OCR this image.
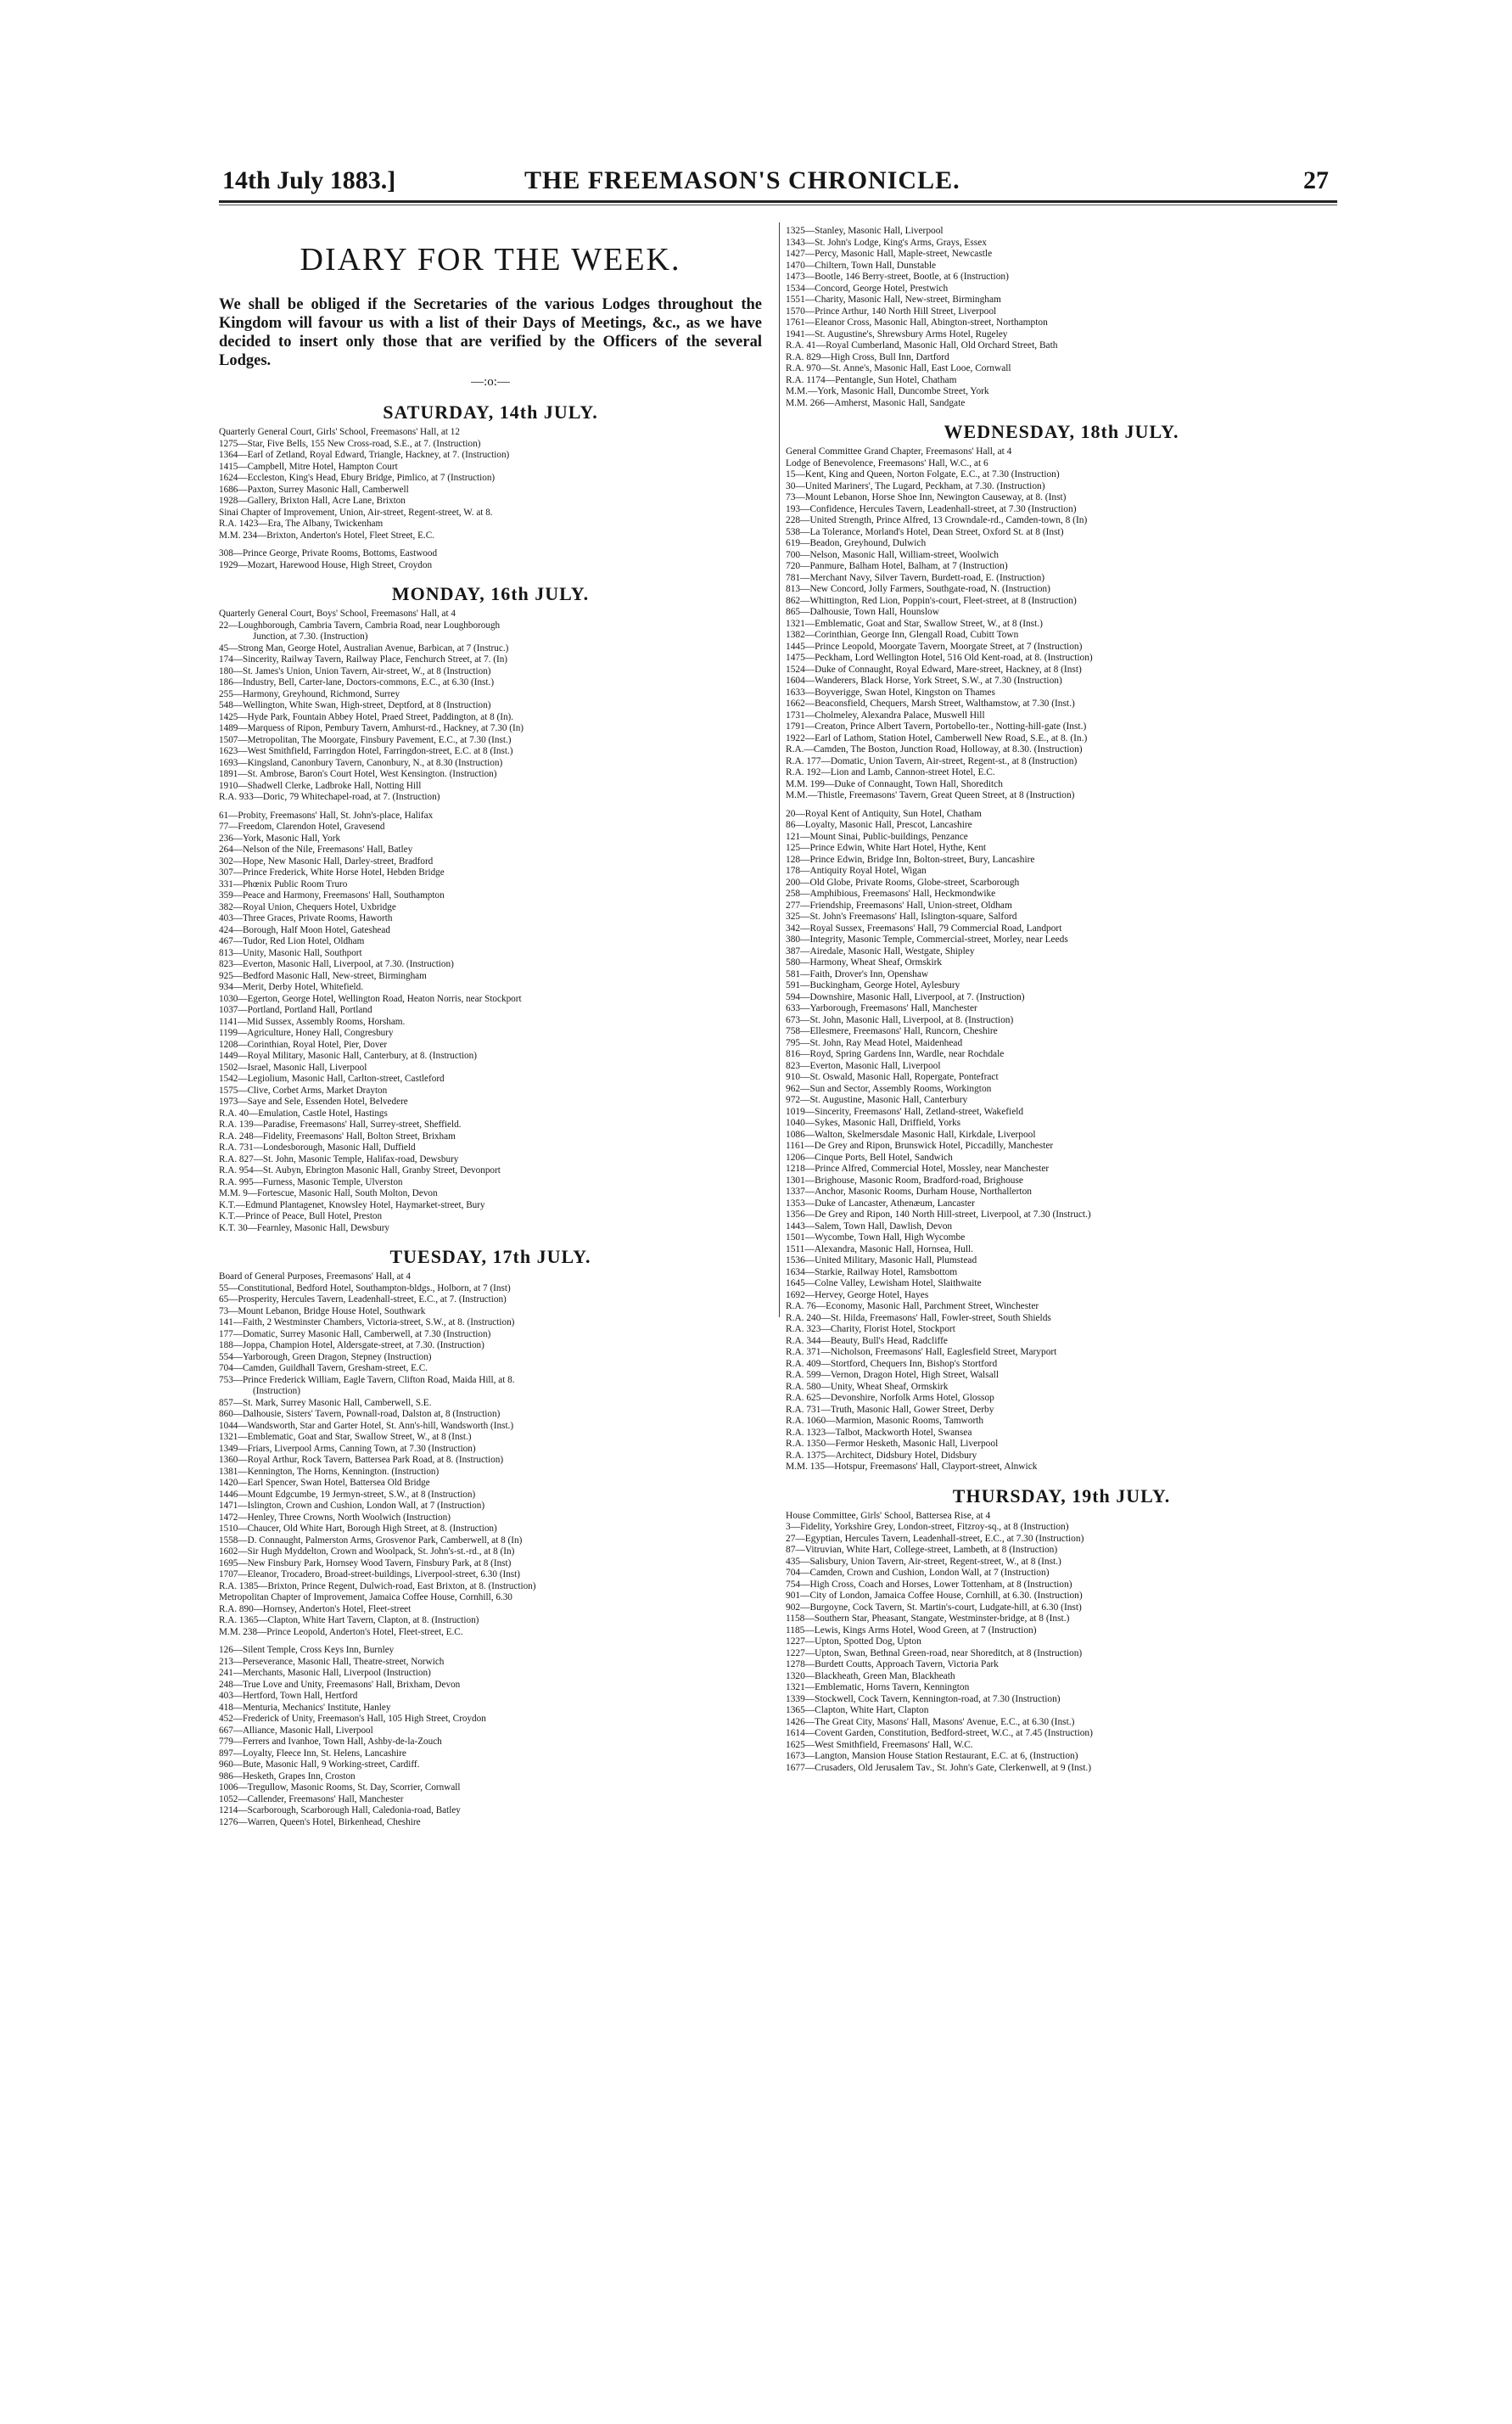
14th July 1883.]	THE FREEMASON'S CHRONICLE.	27
DIARY FOR THE WEEK.
We shall be obliged if the Secretaries of the various Lodges throughout the Kingdom will favour us with a list of their Days of Meetings, &c., as we have decided to insert only those that are verified by the Officers of the several Lodges.
—:o:—
SATURDAY, 14th JULY.
Quarterly General Court, Girls' School, Freemasons' Hall, at 12
1275—Star, Five Bells, 155 New Cross-road, S.E., at 7. (Instruction)
1364—Earl of Zetland, Royal Edward, Triangle, Hackney, at 7. (Instruction)
1415—Campbell, Mitre Hotel, Hampton Court
1624—Eccleston, King's Head, Ebury Bridge, Pimlico, at 7 (Instruction)
1686—Paxton, Surrey Masonic Hall, Camberwell
1928—Gallery, Brixton Hall, Acre Lane, Brixton
Sinai Chapter of Improvement, Union, Air-street, Regent-street, W. at 8.
R.A. 1423—Era, The Albany, Twickenham
M.M. 234—Brixton, Anderton's Hotel, Fleet Street, E.C.
308—Prince George, Private Rooms, Bottoms, Eastwood
1929—Mozart, Harewood House, High Street, Croydon
MONDAY, 16th JULY.
Quarterly General Court, Boys' School, Freemasons' Hall, at 4
22—Loughborough, Cambria Tavern, Cambria Road, near Loughborough
Junction, at 7.30. (Instruction)
45—Strong Man, George Hotel, Australian Avenue, Barbican, at 7 (Instruc.)
174—Sincerity, Railway Tavern, Railway Place, Fenchurch Street, at 7. (In)
180—St. James's Union, Union Tavern, Air-street, W., at 8 (Instruction)
186—Industry, Bell, Carter-lane, Doctors-commons, E.C., at 6.30 (Inst.)
255—Harmony, Greyhound, Richmond, Surrey
548—Wellington, White Swan, High-street, Deptford, at 8 (Instruction)
1425—Hyde Park, Fountain Abbey Hotel, Praed Street, Paddington, at 8 (In).
1489—Marquess of Ripon, Pembury Tavern, Amhurst-rd., Hackney, at 7.30 (In)
1507—Metropolitan, The Moorgate, Finsbury Pavement, E.C., at 7.30 (Inst.)
1623—West Smithfield, Farringdon Hotel, Farringdon-street, E.C. at 8 (Inst.)
1693—Kingsland, Canonbury Tavern, Canonbury, N., at 8.30 (Instruction)
1891—St. Ambrose, Baron's Court Hotel, West Kensington. (Instruction)
1910—Shadwell Clerke, Ladbroke Hall, Notting Hill
R.A. 933—Doric, 79 Whitechapel-road, at 7. (Instruction)
61—Probity, Freemasons' Hall, St. John's-place, Halifax
77—Freedom, Clarendon Hotel, Gravesend
236—York, Masonic Hall, York
264—Nelson of the Nile, Freemasons' Hall, Batley
302—Hope, New Masonic Hall, Darley-street, Bradford
307—Prince Frederick, White Horse Hotel, Hebden Bridge
331—Phœnix Public Room Truro
359—Peace and Harmony, Freemasons' Hall, Southampton
382—Royal Union, Chequers Hotel, Uxbridge
403—Three Graces, Private Rooms, Haworth
424—Borough, Half Moon Hotel, Gateshead
467—Tudor, Red Lion Hotel, Oldham
813—Unity, Masonic Hall, Southport
823—Everton, Masonic Hall, Liverpool, at 7.30. (Instruction)
925—Bedford Masonic Hall, New-street, Birmingham
934—Merit, Derby Hotel, Whitefield.
1030—Egerton, George Hotel, Wellington Road, Heaton Norris, near Stockport
1037—Portland, Portland Hall, Portland
1141—Mid Sussex, Assembly Rooms, Horsham.
1199—Agriculture, Honey Hall, Congresbury
1208—Corinthian, Royal Hotel, Pier, Dover
1449—Royal Military, Masonic Hall, Canterbury, at 8. (Instruction)
1502—Israel, Masonic Hall, Liverpool
1542—Legiolium, Masonic Hall, Carlton-street, Castleford
1575—Clive, Corbet Arms, Market Drayton
1973—Saye and Sele, Essenden Hotel, Belvedere
R.A. 40—Emulation, Castle Hotel, Hastings
R.A. 139—Paradise, Freemasons' Hall, Surrey-street, Sheffield.
R.A. 248—Fidelity, Freemasons' Hall, Bolton Street, Brixham
R.A. 731—Londesborough, Masonic Hall, Duffield
R.A. 827—St. John, Masonic Temple, Halifax-road, Dewsbury
R.A. 954—St. Aubyn, Ebrington Masonic Hall, Granby Street, Devonport
R.A. 995—Furness, Masonic Temple, Ulverston
M.M. 9—Fortescue, Masonic Hall, South Molton, Devon
K.T.—Edmund Plantagenet, Knowsley Hotel, Haymarket-street, Bury
K.T.—Prince of Peace, Bull Hotel, Preston
K.T. 30—Fearnley, Masonic Hall, Dewsbury
TUESDAY, 17th JULY.
Board of General Purposes, Freemasons' Hall, at 4
55—Constitutional, Bedford Hotel, Southampton-bldgs., Holborn, at 7 (Inst)
65—Prosperity, Hercules Tavern, Leadenhall-street, E.C., at 7. (Instruction)
73—Mount Lebanon, Bridge House Hotel, Southwark
141—Faith, 2 Westminster Chambers, Victoria-street, S.W., at 8. (Instruction)
177—Domatic, Surrey Masonic Hall, Camberwell, at 7.30 (Instruction)
188—Joppa, Champion Hotel, Aldersgate-street, at 7.30. (Instruction)
554—Yarborough, Green Dragon, Stepney (Instruction)
704—Camden, Guildhall Tavern, Gresham-street, E.C.
753—Prince Frederick William, Eagle Tavern, Clifton Road, Maida Hill, at 8.
(Instruction)
857—St. Mark, Surrey Masonic Hall, Camberwell, S.E.
860—Dalhousie, Sisters' Tavern, Pownall-road, Dalston at, 8 (Instruction)
1044—Wandsworth, Star and Garter Hotel, St. Ann's-hill, Wandsworth (Inst.)
1321—Emblematic, Goat and Star, Swallow Street, W., at 8 (Inst.)
1349—Friars, Liverpool Arms, Canning Town, at 7.30 (Instruction)
1360—Royal Arthur, Rock Tavern, Battersea Park Road, at 8. (Instruction)
1381—Kennington, The Horns, Kennington. (Instruction)
1420—Earl Spencer, Swan Hotel, Battersea Old Bridge
1446—Mount Edgcumbe, 19 Jermyn-street, S.W., at 8 (Instruction)
1471—Islington, Crown and Cushion, London Wall, at 7 (Instruction)
1472—Henley, Three Crowns, North Woolwich (Instruction)
1510—Chaucer, Old White Hart, Borough High Street, at 8. (Instruction)
1558—D. Connaught, Palmerston Arms, Grosvenor Park, Camberwell, at 8 (In)
1602—Sir Hugh Myddelton, Crown and Woolpack, St. John's-st.-rd., at 8 (In)
1695—New Finsbury Park, Hornsey Wood Tavern, Finsbury Park, at 8 (Inst)
1707—Eleanor, Trocadero, Broad-street-buildings, Liverpool-street, 6.30 (Inst)
R.A. 1385—Brixton, Prince Regent, Dulwich-road, East Brixton, at 8. (Instruction)
Metropolitan Chapter of Improvement, Jamaica Coffee House, Cornhill, 6.30
R.A. 890—Hornsey, Anderton's Hotel, Fleet-street
R.A. 1365—Clapton, White Hart Tavern, Clapton, at 8. (Instruction)
M.M. 238—Prince Leopold, Anderton's Hotel, Fleet-street, E.C.
126—Silent Temple, Cross Keys Inn, Burnley
213—Perseverance, Masonic Hall, Theatre-street, Norwich
241—Merchants, Masonic Hall, Liverpool (Instruction)
248—True Love and Unity, Freemasons' Hall, Brixham, Devon
403—Hertford, Town Hall, Hertford
418—Menturia, Mechanics' Institute, Hanley
452—Frederick of Unity, Freemason's Hall, 105 High Street, Croydon
667—Alliance, Masonic Hall, Liverpool
779—Ferrers and Ivanhoe, Town Hall, Ashby-de-la-Zouch
897—Loyalty, Fleece Inn, St. Helens, Lancashire
960—Bute, Masonic Hall, 9 Working-street, Cardiff.
986—Hesketh, Grapes Inn, Croston
1006—Tregullow, Masonic Rooms, St. Day, Scorrier, Cornwall
1052—Callender, Freemasons' Hall, Manchester
1214—Scarborough, Scarborough Hall, Caledonia-road, Batley
1276—Warren, Queen's Hotel, Birkenhead, Cheshire
1325—Stanley, Masonic Hall, Liverpool
1343—St. John's Lodge, King's Arms, Grays, Essex
1427—Percy, Masonic Hall, Maple-street, Newcastle
1470—Chiltern, Town Hall, Dunstable
1473—Bootle, 146 Berry-street, Bootle, at 6 (Instruction)
1534—Concord, George Hotel, Prestwich
1551—Charity, Masonic Hall, New-street, Birmingham
1570—Prince Arthur, 140 North Hill Street, Liverpool
1761—Eleanor Cross, Masonic Hall, Abington-street, Northampton
1941—St. Augustine's, Shrewsbury Arms Hotel, Rugeley
R.A. 41—Royal Cumberland, Masonic Hall, Old Orchard Street, Bath
R.A. 829—High Cross, Bull Inn, Dartford
R.A. 970—St. Anne's, Masonic Hall, East Looe, Cornwall
R.A. 1174—Pentangle, Sun Hotel, Chatham
M.M.—York, Masonic Hall, Duncombe Street, York
M.M. 266—Amherst, Masonic Hall, Sandgate
WEDNESDAY, 18th JULY.
General Committee Grand Chapter, Freemasons' Hall, at 4
Lodge of Benevolence, Freemasons' Hall, W.C., at 6
15—Kent, King and Queen, Norton Folgate, E.C., at 7.30 (Instruction)
30—United Mariners', The Lugard, Peckham, at 7.30. (Instruction)
73—Mount Lebanon, Horse Shoe Inn, Newington Causeway, at 8. (Inst)
193—Confidence, Hercules Tavern, Leadenhall-street, at 7.30 (Instruction)
228—United Strength, Prince Alfred, 13 Crowndale-rd., Camden-town, 8 (In)
538—La Tolerance, Morland's Hotel, Dean Street, Oxford St. at 8 (Inst)
619—Beadon, Greyhound, Dulwich
700—Nelson, Masonic Hall, William-street, Woolwich
720—Panmure, Balham Hotel, Balham, at 7 (Instruction)
781—Merchant Navy, Silver Tavern, Burdett-road, E. (Instruction)
813—New Concord, Jolly Farmers, Southgate-road, N. (Instruction)
862—Whittington, Red Lion, Poppin's-court, Fleet-street, at 8 (Instruction)
865—Dalhousie, Town Hall, Hounslow
1321—Emblematic, Goat and Star, Swallow Street, W., at 8 (Inst.)
1382—Corinthian, George Inn, Glengall Road, Cubitt Town
1445—Prince Leopold, Moorgate Tavern, Moorgate Street, at 7 (Instruction)
1475—Peckham, Lord Wellington Hotel, 516 Old Kent-road, at 8. (Instruction)
1524—Duke of Connaught, Royal Edward, Mare-street, Hackney, at 8 (Inst)
1604—Wanderers, Black Horse, York Street, S.W., at 7.30 (Instruction)
1633—Boyverigge, Swan Hotel, Kingston on Thames
1662—Beaconsfield, Chequers, Marsh Street, Walthamstow, at 7.30 (Inst.)
1731—Cholmeley, Alexandra Palace, Muswell Hill
1791—Creaton, Prince Albert Tavern, Portobello-ter., Notting-hill-gate (Inst.)
1922—Earl of Lathom, Station Hotel, Camberwell New Road, S.E., at 8. (In.)
R.A.—Camden, The Boston, Junction Road, Holloway, at 8.30. (Instruction)
R.A. 177—Domatic, Union Tavern, Air-street, Regent-st., at 8 (Instruction)
R.A. 192—Lion and Lamb, Cannon-street Hotel, E.C.
M.M. 199—Duke of Connaught, Town Hall, Shoreditch
M.M.—Thistle, Freemasons' Tavern, Great Queen Street, at 8 (Instruction)
20—Royal Kent of Antiquity, Sun Hotel, Chatham
86—Loyalty, Masonic Hall, Prescot, Lancashire
121—Mount Sinai, Public-buildings, Penzance
125—Prince Edwin, White Hart Hotel, Hythe, Kent
128—Prince Edwin, Bridge Inn, Bolton-street, Bury, Lancashire
178—Antiquity Royal Hotel, Wigan
200—Old Globe, Private Rooms, Globe-street, Scarborough
258—Amphibious, Freemasons' Hall, Heckmondwike
277—Friendship, Freemasons' Hall, Union-street, Oldham
325—St. John's Freemasons' Hall, Islington-square, Salford
342—Royal Sussex, Freemasons' Hall, 79 Commercial Road, Landport
380—Integrity, Masonic Temple, Commercial-street, Morley, near Leeds
387—Airedale, Masonic Hall, Westgate, Shipley
580—Harmony, Wheat Sheaf, Ormskirk
581—Faith, Drover's Inn, Openshaw
591—Buckingham, George Hotel, Aylesbury
594—Downshire, Masonic Hall, Liverpool, at 7. (Instruction)
633—Yarborough, Freemasons' Hall, Manchester
673—St. John, Masonic Hall, Liverpool, at 8. (Instruction)
758—Ellesmere, Freemasons' Hall, Runcorn, Cheshire
795—St. John, Ray Mead Hotel, Maidenhead
816—Royd, Spring Gardens Inn, Wardle, near Rochdale
823—Everton, Masonic Hall, Liverpool
910—St. Oswald, Masonic Hall, Ropergate, Pontefract
962—Sun and Sector, Assembly Rooms, Workington
972—St. Augustine, Masonic Hall, Canterbury
1019—Sincerity, Freemasons' Hall, Zetland-street, Wakefield
1040—Sykes, Masonic Hall, Driffield, Yorks
1086—Walton, Skelmersdale Masonic Hall, Kirkdale, Liverpool
1161—De Grey and Ripon, Brunswick Hotel, Piccadilly, Manchester
1206—Cinque Ports, Bell Hotel, Sandwich
1218—Prince Alfred, Commercial Hotel, Mossley, near Manchester
1301—Brighouse, Masonic Room, Bradford-road, Brighouse
1337—Anchor, Masonic Rooms, Durham House, Northallerton
1353—Duke of Lancaster, Athenæum, Lancaster
1356—De Grey and Ripon, 140 North Hill-street, Liverpool, at 7.30 (Instruct.)
1443—Salem, Town Hall, Dawlish, Devon
1501—Wycombe, Town Hall, High Wycombe
1511—Alexandra, Masonic Hall, Hornsea, Hull.
1536—United Military, Masonic Hall, Plumstead
1634—Starkie, Railway Hotel, Ramsbottom
1645—Colne Valley, Lewisham Hotel, Slaithwaite
1692—Hervey, George Hotel, Hayes
R.A. 76—Economy, Masonic Hall, Parchment Street, Winchester
R.A. 240—St. Hilda, Freemasons' Hall, Fowler-street, South Shields
R.A. 323—Charity, Florist Hotel, Stockport
R.A. 344—Beauty, Bull's Head, Radcliffe
R.A. 371—Nicholson, Freemasons' Hall, Eaglesfield Street, Maryport
R.A. 409—Stortford, Chequers Inn, Bishop's Stortford
R.A. 599—Vernon, Dragon Hotel, High Street, Walsall
R.A. 580—Unity, Wheat Sheaf, Ormskirk
R.A. 625—Devonshire, Norfolk Arms Hotel, Glossop
R.A. 731—Truth, Masonic Hall, Gower Street, Derby
R.A. 1060—Marmion, Masonic Rooms, Tamworth
R.A. 1323—Talbot, Mackworth Hotel, Swansea
R.A. 1350—Fermor Hesketh, Masonic Hall, Liverpool
R.A. 1375—Architect, Didsbury Hotel, Didsbury
M.M. 135—Hotspur, Freemasons' Hall, Clayport-street, Alnwick
THURSDAY, 19th JULY.
House Committee, Girls' School, Battersea Rise, at 4
3—Fidelity, Yorkshire Grey, London-street, Fitzroy-sq., at 8 (Instruction)
27—Egyptian, Hercules Tavern, Leadenhall-street, E.C., at 7.30 (Instruction)
87—Vitruvian, White Hart, College-street, Lambeth, at 8 (Instruction)
435—Salisbury, Union Tavern, Air-street, Regent-street, W., at 8 (Inst.)
704—Camden, Crown and Cushion, London Wall, at 7 (Instruction)
754—High Cross, Coach and Horses, Lower Tottenham, at 8 (Instruction)
901—City of London, Jamaica Coffee House, Cornhill, at 6.30. (Instruction)
902—Burgoyne, Cock Tavern, St. Martin's-court, Ludgate-hill, at 6.30 (Inst)
1158—Southern Star, Pheasant, Stangate, Westminster-bridge, at 8 (Inst.)
1185—Lewis, Kings Arms Hotel, Wood Green, at 7 (Instruction)
1227—Upton, Spotted Dog, Upton
1227—Upton, Swan, Bethnal Green-road, near Shoreditch, at 8 (Instruction)
1278—Burdett Coutts, Approach Tavern, Victoria Park
1320—Blackheath, Green Man, Blackheath
1321—Emblematic, Horns Tavern, Kennington
1339—Stockwell, Cock Tavern, Kennington-road, at 7.30 (Instruction)
1365—Clapton, White Hart, Clapton
1426—The Great City, Masons' Hall, Masons' Avenue, E.C., at 6.30 (Inst.)
1614—Covent Garden, Constitution, Bedford-street, W.C., at 7.45 (Instruction)
1625—West Smithfield, Freemasons' Hall, W.C.
1673—Langton, Mansion House Station Restaurant, E.C. at 6, (Instruction)
1677—Crusaders, Old Jerusalem Tav., St. John's Gate, Clerkenwell, at 9 (Inst.)
